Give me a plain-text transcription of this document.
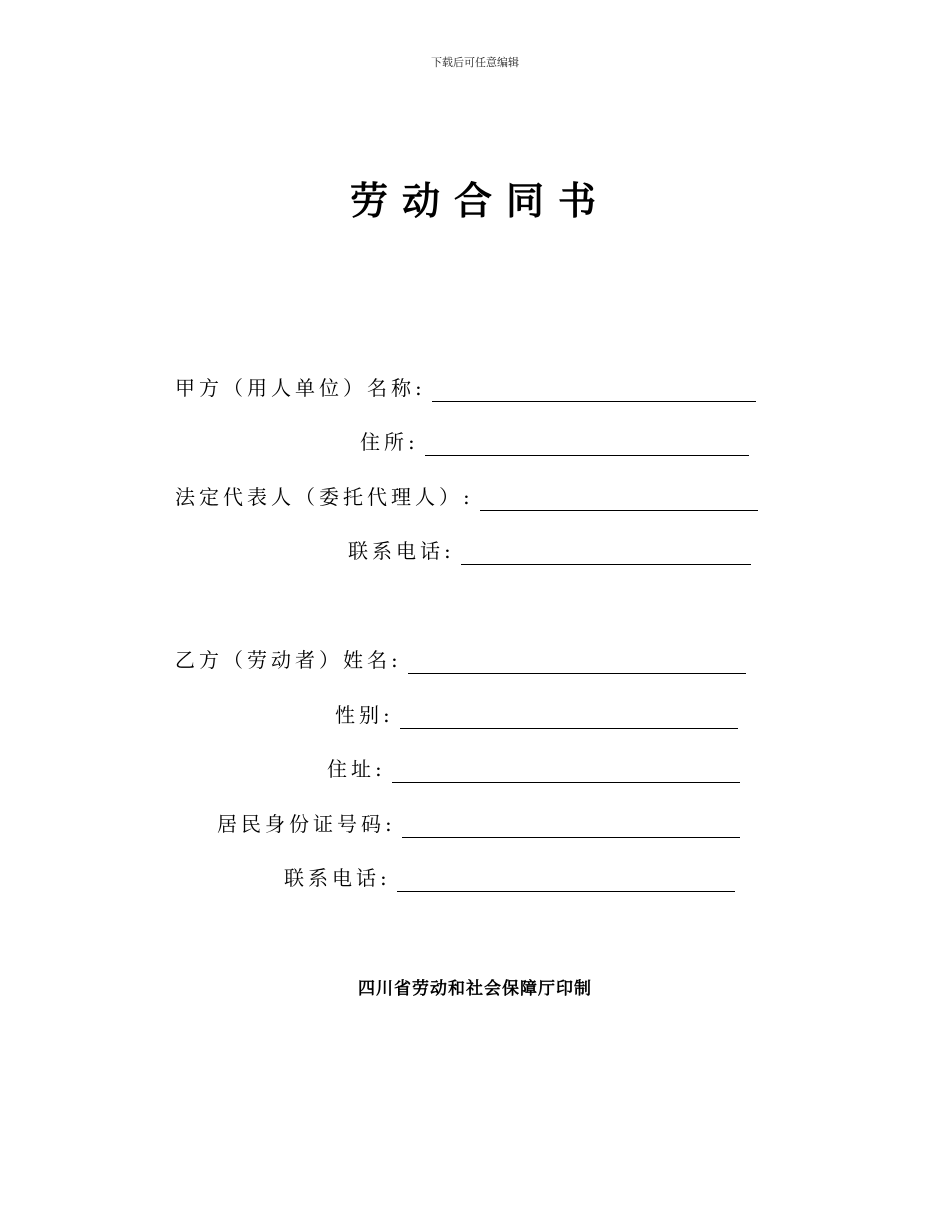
下载后可任意编辑
劳动合同书
甲方（用人单位）名称:
住所:
法定代表人（委托代理人）:
联系电话:
乙方（劳动者）姓名:
性别:
住址:
居民身份证号码:
联系电话:
四川省劳动和社会保障厅印制
